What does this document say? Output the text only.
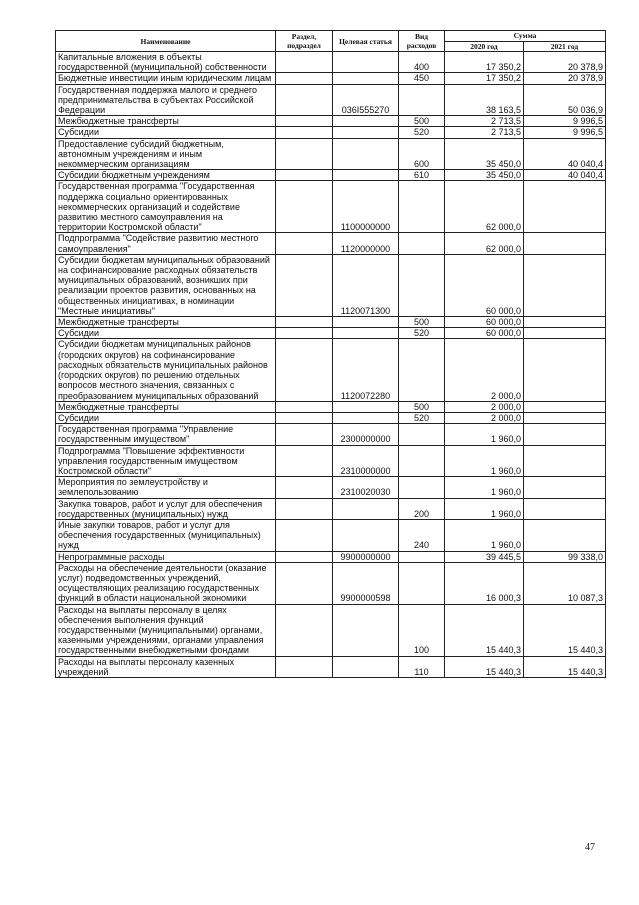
Наименование	Раздел, подраздел	Целевая статья	Вид расходов	Сумма	
				2020 год	2021 год
Капитальные вложения в объекты государственной (муниципальной) собственности			400	17 350,2	20 378,9
Бюджетные инвестиции иным юридическим лицам			450	17 350,2	20 378,9
Государственная поддержка малого и среднего предпринимательства в субъектах Российской Федерации		036I555270		38 163,5	50 036,9
Межбюджетные трансферты			500	2 713,5	9 996,5
Субсидии			520	2 713,5	9 996,5
Предоставление субсидий бюджетным, автономным учреждениям и иным некоммерческим организациям			600	35 450,0	40 040,4
Субсидии бюджетным учреждениям			610	35 450,0	40 040,4
Государственная программа "Государственная поддержка социально ориентированных некоммерческих организаций и содействие развитию местного самоуправления на территории Костромской области"		1100000000		62 000,0	
Подпрограмма "Содействие развитию местного самоуправления"		1120000000		62 000,0	
Субсидии бюджетам муниципальных образований на софинансирование расходных обязательств муниципальных образований, возникших при реализации проектов развития, основанных на общественных инициативах, в номинации "Местные инициативы"		1120071300		60 000,0	
Межбюджетные трансферты			500	60 000,0	
Субсидии			520	60 000,0	
Субсидии бюджетам муниципальных районов (городских округов) на софинансирование расходных обязательств муниципальных районов (городских округов) по решению отдельных вопросов местного значения, связанных с преобразованием муниципальных образований		1120072280		2 000,0	
Межбюджетные трансферты			500	2 000,0	
Субсидии			520	2 000,0	
Государственная программа "Управление государственным имуществом"		2300000000		1 960,0	
Подпрограмма "Повышение эффективности управления государственным имуществом Костромской области"		2310000000		1 960,0	
Мероприятия по землеустройству и землепользованию		2310020030		1 960,0	
Закупка товаров, работ и услуг для обеспечения государственных (муниципальных) нужд			200	1 960,0	
Иные закупки товаров, работ и услуг для обеспечения государственных (муниципальных) нужд			240	1 960,0	
Непрограммные расходы		9900000000		39 445,5	99 338,0
Расходы на обеспечение деятельности (оказание услуг) подведомственных учреждений, осуществляющих реализацию государственных функций в области национальной экономики		9900000598		16 000,3	10 087,3
Расходы на выплаты персоналу в целях обеспечения выполнения функций государственными (муниципальными) органами, казенными учреждениями, органами управления государственными внебюджетными фондами			100	15 440,3	15 440,3
Расходы на выплаты персоналу казенных учреждений			110	15 440,3	15 440,3
47
